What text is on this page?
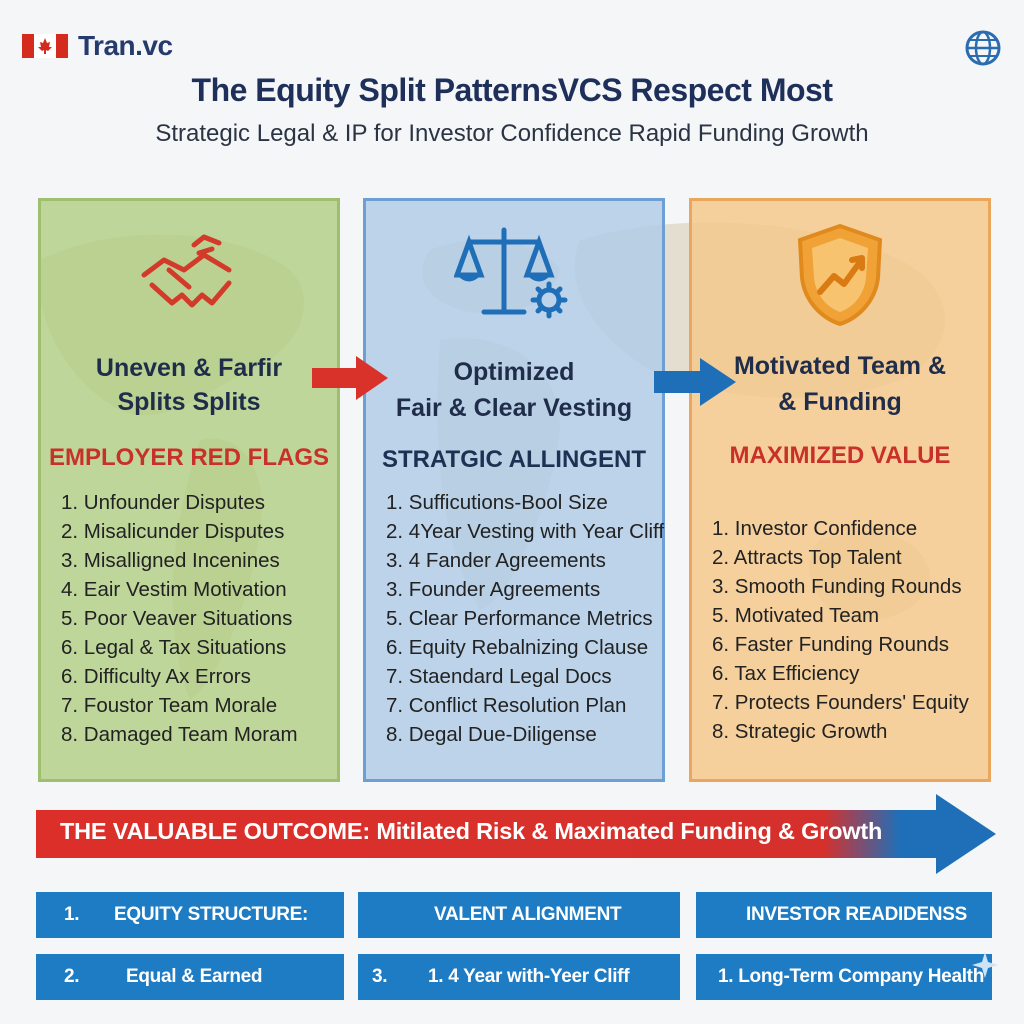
Tran.vc
The Equity Split PatternsVCS Respect Most
Strategic Legal & IP for Investor Confidence Rapid Funding Growth
Uneven & Farfir
Splits Splits
EMPLOYER RED FLAGS
1. Unfounder Disputes
2. Misalicunder Disputes
3. Misalligned Incenines
4. Eair Vestim Motivation
5. Poor Veaver Situations
6. Legal & Tax Situations
6. Difficulty Ax Errors
7. Foustor Team Morale
8. Damaged Team Moram
Optimized
Fair & Clear Vesting
STRATGIC ALLINGENT
1. Sufficutions-Bool Size
2. 4Year Vesting with Year Cliff
3. 4 Fander Agreements
3. Founder Agreements
5. Clear Performance Metrics
6. Equity Rebalnizing Clause
7. Staendard Legal Docs
7. Conflict Resolution Plan
8. Degal Due-Diligense
Motivated Team &
& Funding
MAXIMIZED VALUE
1. Investor Confidence
2. Attracts Top Talent
3. Smooth Funding Rounds
5. Motivated Team
6. Faster Funding Rounds
6. Tax Efficiency
7. Protects Founders' Equity
8. Strategic Growth
THE VALUABLE OUTCOME: Mitilated Risk & Maximated Funding & Growth
1. EQUITY STRUCTURE:	VALENT ALIGNMENT	INVESTOR READIDENSS
2. Equal & Earned	3. 1. 4 Year with-Yeer Cliff	1. Long-Term Company Health
